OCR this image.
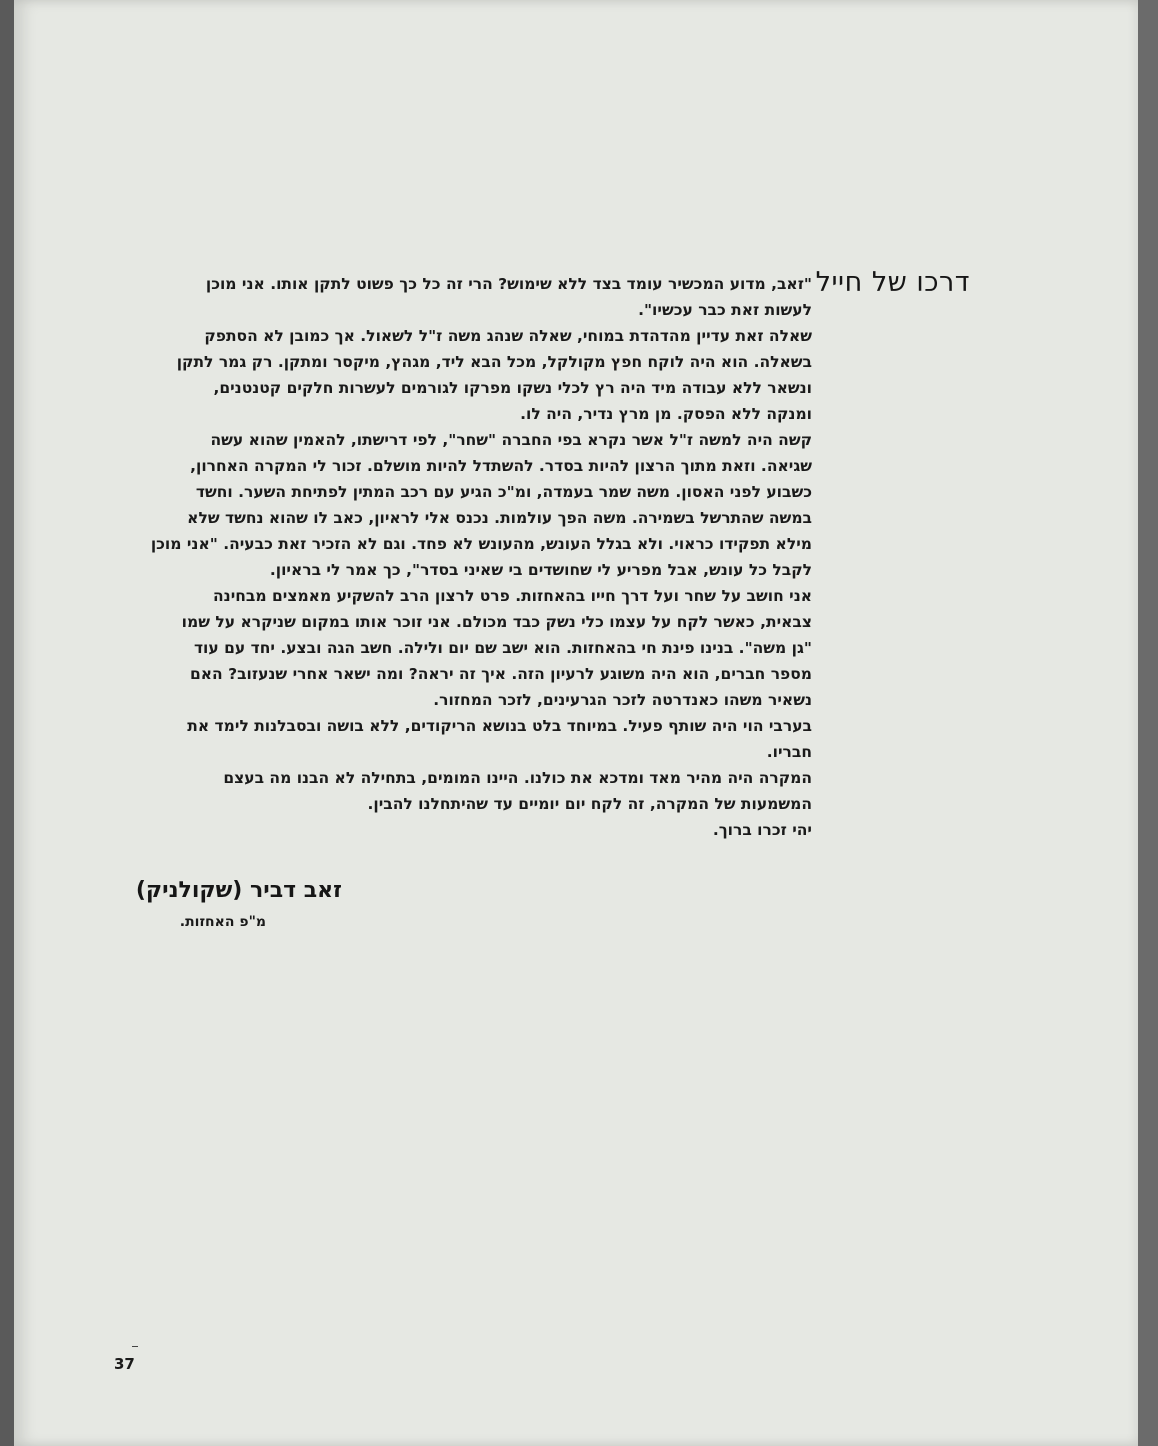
דרכו של חייל

"זאב, מדוע המכשיר עומד בצד ללא שימוש? הרי זה כל כך פשוט לתקן אותו. אני מוכן

לעשות זאת כבר עכשיו".

שאלה זאת עדיין מהדהדת במוחי, שאלה שנהג משה ז"ל לשאול. אך כמובן לא הסתפק

בשאלה. הוא היה לוקח חפץ מקולקל, מכל הבא ליד, מגהץ, מיקסר ומתקן. רק גמר לתקן

ונשאר ללא עבודה מיד היה רץ לכלי נשקו מפרקו לגורמים לעשרות חלקים קטנטנים,

ומנקה ללא הפסק. מן מרץ נדיר, היה לו.

קשה היה למשה ז"ל אשר נקרא בפי החברה "שחר", לפי דרישתו, להאמין שהוא עשה

שגיאה. וזאת מתוך הרצון להיות בסדר. להשתדל להיות מושלם. זכור לי המקרה האחרון,

כשבוע לפני האסון. משה שמר בעמדה, ומ"כ הגיע עם רכב המתין לפתיחת השער. וחשד

במשה שהתרשל בשמירה. משה הפך עולמות. נכנס אלי לראיון, כאב לו שהוא נחשד שלא

מילא תפקידו כראוי. ולא בגלל העונש, מהעונש לא פחד. וגם לא הזכיר זאת כבעיה. "אני מוכן

לקבל כל עונש, אבל מפריע לי שחושדים בי שאיני בסדר", כך אמר לי בראיון.

אני חושב על שחר ועל דרך חייו בהאחזות. פרט לרצון הרב להשקיע מאמצים מבחינה

צבאית, כאשר לקח על עצמו כלי נשק כבד מכולם. אני זוכר אותו במקום שניקרא על שמו

"גן משה". בנינו פינת חי בהאחזות. הוא ישב שם יום ולילה. חשב הגה ובצע. יחד עם עוד

מספר חברים, הוא היה משוגע לרעיון הזה. איך זה יראה? ומה ישאר אחרי שנעזוב? האם

נשאיר משהו כאנדרטה לזכר הגרעינים, לזכר המחזור.

בערבי הוי היה שותף פעיל. במיוחד בלט בנושא הריקודים, ללא בושה ובסבלנות לימד את

חבריו.

המקרה היה מהיר מאד ומדכא את כולנו. היינו המומים, בתחילה לא הבנו מה בעצם

המשמעות של המקרה, זה לקח יום יומיים עד שהיתחלנו להבין.

יהי זכרו ברוך.

זאב דביר (שקולניק)
מ"פ האחזות.
37
